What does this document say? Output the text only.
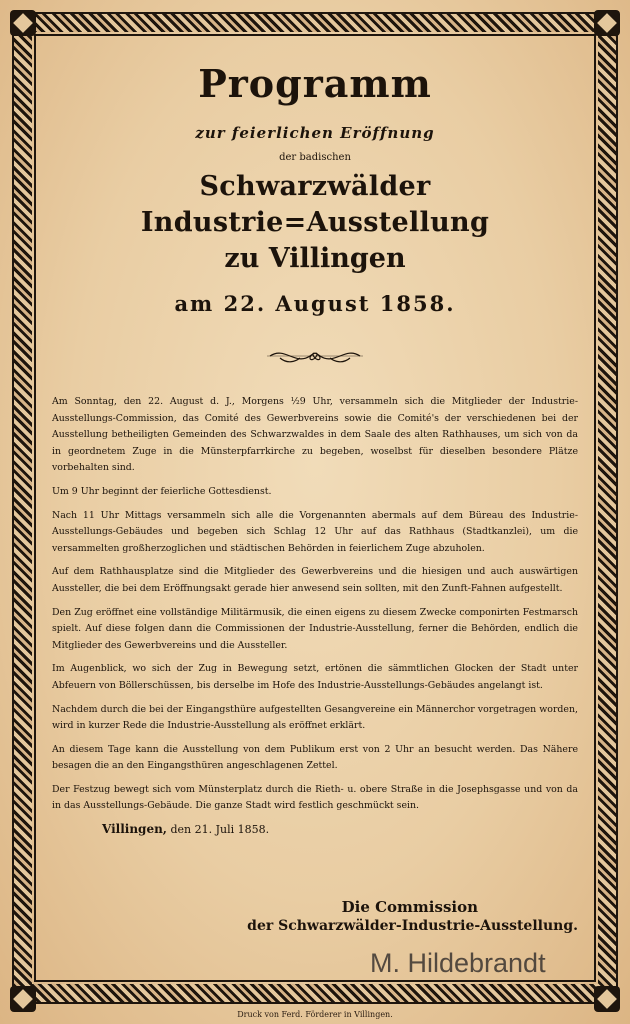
Programm
zur feierlichen Eröffnung
der badischen
Schwarzwälder Industrie=Ausstellung
zu Villingen
am 22. August 1858.

Am Sonntag, den 22. August d. J., Morgens ½9 Uhr, versammeln sich die Mitglieder der Industrie-Ausstellungs-Commission, das Comité des Gewerbvereins sowie die Comité's der verschiedenen bei der Ausstellung betheiligten Gemeinden des Schwarzwaldes in dem Saale des alten Rathhauses, um sich von da in geordnetem Zuge in die Münsterpfarrkirche zu begeben, woselbst für dieselben besondere Plätze vorbehalten sind.

Um 9 Uhr beginnt der feierliche Gottesdienst.

Nach 11 Uhr Mittags versammeln sich alle die Vorgenannten abermals auf dem Büreau des Industrie-Ausstellungs-Gebäudes und begeben sich Schlag 12 Uhr auf das Rathhaus (Stadtkanzlei), um die versammelten großherzoglichen und städtischen Behörden in feierlichem Zuge abzuholen.

Auf dem Rathhausplatze sind die Mitglieder des Gewerbvereins und die hiesigen und auch auswärtigen Aussteller, die bei dem Eröffnungsakt gerade hier anwesend sein sollten, mit den Zunft-Fahnen aufgestellt.

Den Zug eröffnet eine vollständige Militärmusik, die einen eigens zu diesem Zwecke componirten Festmarsch spielt. Auf diese folgen dann die Commissionen der Industrie-Ausstellung, ferner die Behörden, endlich die Mitglieder des Gewerbvereins und die Aussteller.

Im Augenblick, wo sich der Zug in Bewegung setzt, ertönen die sämmtlichen Glocken der Stadt unter Abfeuern von Böllerschüssen, bis derselbe im Hofe des Industrie-Ausstellungs-Gebäudes angelangt ist.

Nachdem durch die bei der Eingangsthüre aufgestellten Gesangvereine ein Männerchor vorgetragen worden, wird in kurzer Rede die Industrie-Ausstellung als eröffnet erklärt.

An diesem Tage kann die Ausstellung von dem Publikum erst von 2 Uhr an besucht werden. Das Nähere besagen die an den Eingangsthüren angeschlagenen Zettel.

Der Festzug bewegt sich vom Münsterplatz durch die Rieth- u. obere Straße in die Josephsgasse und von da in das Ausstellungs-Gebäude. Die ganze Stadt wird festlich geschmückt sein.

Villingen, den 21. Juli 1858.
Die Commission
der Schwarzwälder-Industrie-Ausstellung.
M. Hildebrandt
Druck von Ferd. Förderer in Villingen.
